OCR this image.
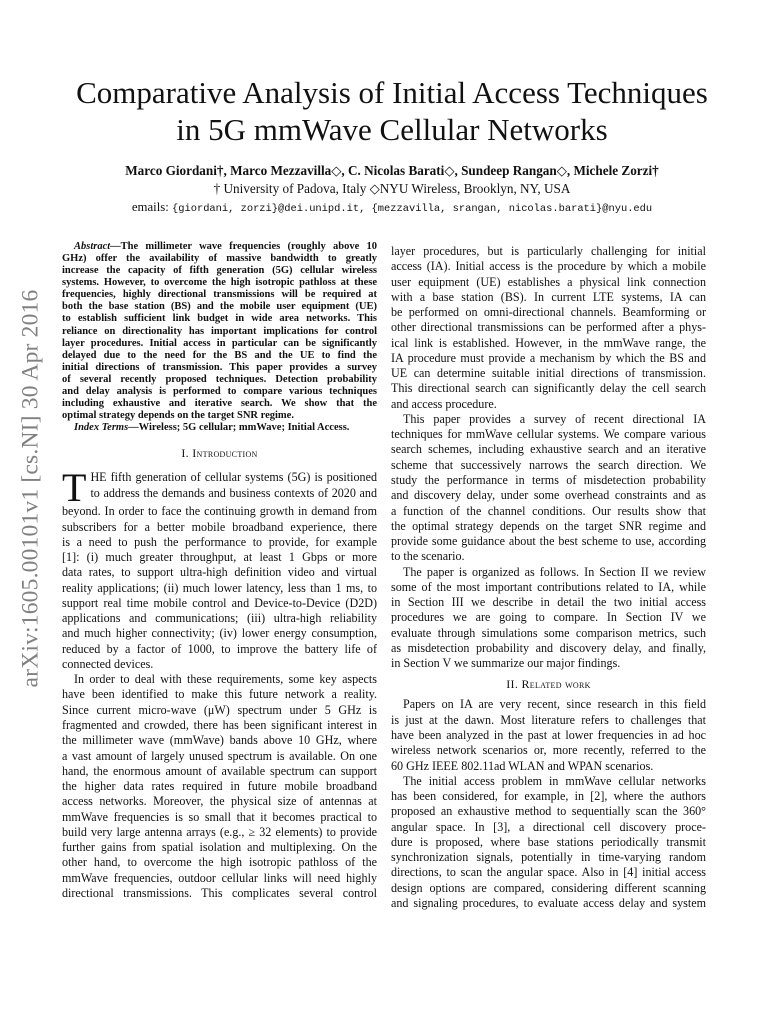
arXiv:1605.00101v1 [cs.NI] 30 Apr 2016
Comparative Analysis of Initial Access Techniques
in 5G mmWave Cellular Networks
Marco Giordani†, Marco Mezzavilla◇, C. Nicolas Barati◇, Sundeep Rangan◇, Michele Zorzi†
† University of Padova, Italy ◇NYU Wireless, Brooklyn, NY, USA
emails: {giordani, zorzi}@dei.unipd.it, {mezzavilla, srangan, nicolas.barati}@nyu.edu
Abstract—The millimeter wave frequencies (roughly above 10
GHz) offer the availability of massive bandwidth to greatly
increase the capacity of fifth generation (5G) cellular wireless
systems. However, to overcome the high isotropic pathloss at these
frequencies, highly directional transmissions will be required at
both the base station (BS) and the mobile user equipment (UE)
to establish sufficient link budget in wide area networks. This
reliance on directionality has important implications for control
layer procedures. Initial access in particular can be significantly
delayed due to the need for the BS and the UE to find the
initial directions of transmission. This paper provides a survey
of several recently proposed techniques. Detection probability
and delay analysis is performed to compare various techniques
including exhaustive and iterative search. We show that the
optimal strategy depends on the target SNR regime.
Index Terms—Wireless; 5G cellular; mmWave; Initial Access.
I. Introduction
T HE fifth generation of cellular systems (5G) is positioned
to address the demands and business contexts of 2020 and
beyond. In order to face the continuing growth in demand from
subscribers for a better mobile broadband experience, there
is a need to push the performance to provide, for example
[1]: (i) much greater throughput, at least 1 Gbps or more
data rates, to support ultra-high definition video and virtual
reality applications; (ii) much lower latency, less than 1 ms, to
support real time mobile control and Device-to-Device (D2D)
applications and communications; (iii) ultra-high reliability
and much higher connectivity; (iv) lower energy consumption,
reduced by a factor of 1000, to improve the battery life of
connected devices.
In order to deal with these requirements, some key aspects
have been identified to make this future network a reality.
Since current micro-wave (μW) spectrum under 5 GHz is
fragmented and crowded, there has been significant interest in
the millimeter wave (mmWave) bands above 10 GHz, where
a vast amount of largely unused spectrum is available. On one
hand, the enormous amount of available spectrum can support
the higher data rates required in future mobile broadband
access networks. Moreover, the physical size of antennas at
mmWave frequencies is so small that it becomes practical to
build very large antenna arrays (e.g., ≥ 32 elements) to provide
further gains from spatial isolation and multiplexing. On the
other hand, to overcome the high isotropic pathloss of the
mmWave frequencies, outdoor cellular links will need highly
directional transmissions. This complicates several control
layer procedures, but is particularly challenging for initial
access (IA). Initial access is the procedure by which a mobile
user equipment (UE) establishes a physical link connection
with a base station (BS). In current LTE systems, IA can
be performed on omni-directional channels. Beamforming or
other directional transmissions can be performed after a phys-
ical link is established. However, in the mmWave range, the
IA procedure must provide a mechanism by which the BS and
UE can determine suitable initial directions of transmission.
This directional search can significantly delay the cell search
and access procedure.
This paper provides a survey of recent directional IA
techniques for mmWave cellular systems. We compare various
search schemes, including exhaustive search and an iterative
scheme that successively narrows the search direction. We
study the performance in terms of misdetection probability
and discovery delay, under some overhead constraints and as
a function of the channel conditions. Our results show that
the optimal strategy depends on the target SNR regime and
provide some guidance about the best scheme to use, according
to the scenario.
The paper is organized as follows. In Section II we review
some of the most important contributions related to IA, while
in Section III we describe in detail the two initial access
procedures we are going to compare. In Section IV we
evaluate through simulations some comparison metrics, such
as misdetection probability and discovery delay, and finally,
in Section V we summarize our major findings.
II. Related work
Papers on IA are very recent, since research in this field
is just at the dawn. Most literature refers to challenges that
have been analyzed in the past at lower frequencies in ad hoc
wireless network scenarios or, more recently, referred to the
60 GHz IEEE 802.11ad WLAN and WPAN scenarios.
The initial access problem in mmWave cellular networks
has been considered, for example, in [2], where the authors
proposed an exhaustive method to sequentially scan the 360°
angular space. In [3], a directional cell discovery proce-
dure is proposed, where base stations periodically transmit
synchronization signals, potentially in time-varying random
directions, to scan the angular space. Also in [4] initial access
design options are compared, considering different scanning
and signaling procedures, to evaluate access delay and system
